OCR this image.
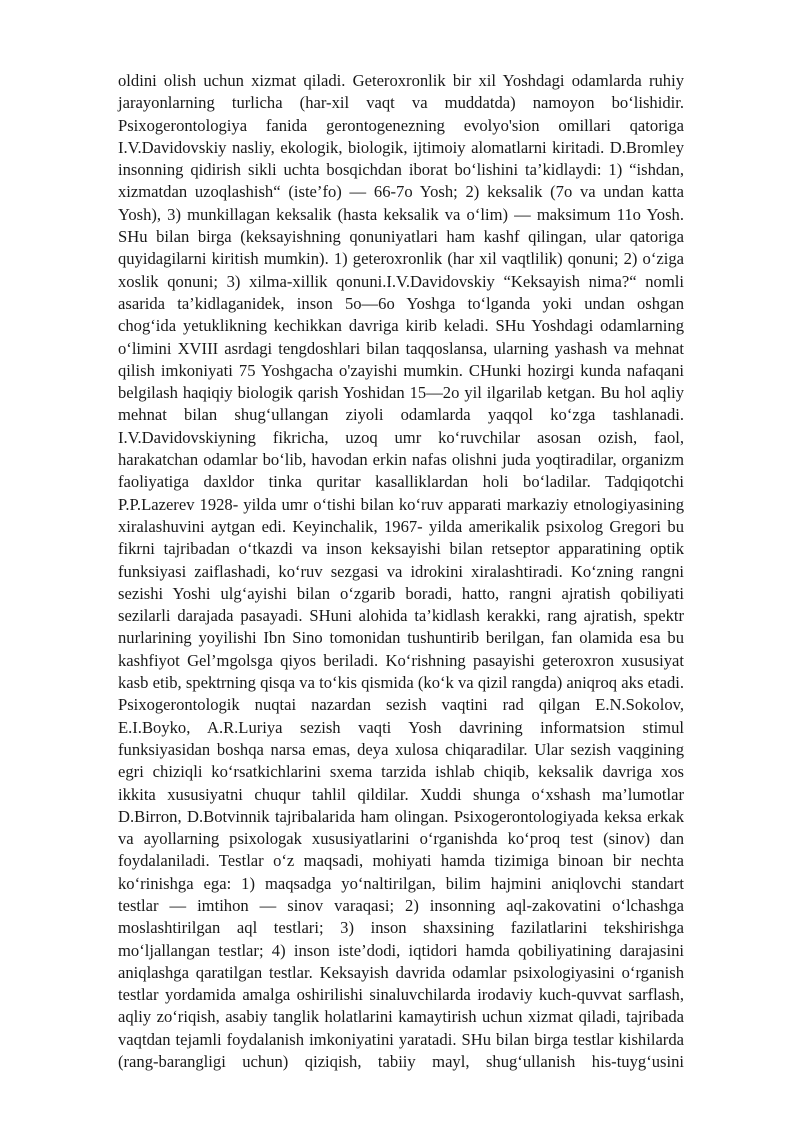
oldini olish uchun xizmat qiladi. Geteroxronlik bir xil Yoshdagi odamlarda ruhiy
jarayonlarning turlicha (har-xil vaqt va muddatda) namoyon bo‘lishidir.
Psixogerontologiya fanida gerontogenezning evolyo'sion omillari qatoriga
I.V.Davidovskiy nasliy, ekologik, biologik, ijtimoiy alomatlarni kiritadi. D.Bromley
insonning qidirish sikli uchta bosqichdan iborat bo‘lishini ta’kidlaydi: 1) “ishdan,
xizmatdan uzoqlashish“ (iste’fo) — 66-7o Yosh; 2) keksalik (7o va undan katta
Yosh), 3) munkillagan keksalik (hasta keksalik va o‘lim) — maksimum 11o Yosh.
SHu bilan birga (keksayishning qonuniyatlari ham kashf qilingan, ular qatoriga
quyidagilarni kiritish mumkin). 1) geteroxronlik (har xil vaqtlilik) qonuni; 2) o‘ziga
xoslik qonuni; 3) xilma-xillik qonuni.I.V.Davidovskiy “Keksayish nima?“ nomli
asarida ta’kidlaganidek, inson 5o—6o Yoshga to‘lganda yoki undan oshgan
chog‘ida yetuklikning kechikkan davriga kirib keladi. SHu Yoshdagi odamlarning
o‘limini XVIII asrdagi tengdoshlari bilan taqqoslansa, ularning yashash va mehnat
qilish imkoniyati 75 Yoshgacha o'zayishi mumkin. CHunki hozirgi kunda nafaqani
belgilash haqiqiy biologik qarish Yoshidan 15—2o yil ilgarilab ketgan. Bu hol aqliy
mehnat bilan shug‘ullangan ziyoli odamlarda yaqqol ko‘zga tashlanadi.
I.V.Davidovskiyning fikricha, uzoq umr ko‘ruvchilar asosan ozish, faol,
harakatchan odamlar bo‘lib, havodan erkin nafas olishni juda yoqtiradilar, organizm
faoliyatiga daxldor tinka quritar kasalliklardan holi bo‘ladilar. Tadqiqotchi
P.P.Lazerev 1928- yilda umr o‘tishi bilan ko‘ruv apparati markaziy etnologiyasining
xiralashuvini aytgan edi. Keyinchalik, 1967- yilda amerikalik psixolog Gregori bu
fikrni tajribadan o‘tkazdi va inson keksayishi bilan retseptor apparatining optik
funksiyasi zaiflashadi, ko‘ruv sezgasi va idrokini xiralashtiradi. Ko‘zning rangni
sezishi Yoshi ulg‘ayishi bilan o‘zgarib boradi, hatto, rangni ajratish qobiliyati
sezilarli darajada pasayadi. SHuni alohida ta’kidlash kerakki, rang ajratish, spektr
nurlarining yoyilishi Ibn Sino tomonidan tushuntirib berilgan, fan olamida esa bu
kashfiyot Gel’mgolsga qiyos beriladi. Ko‘rishning pasayishi geteroxron xususiyat
kasb etib, spektrning qisqa va to‘kis qismida (ko‘k va qizil rangda) aniqroq aks etadi.
Psixogerontologik nuqtai nazardan sezish vaqtini rad qilgan E.N.Sokolov,
E.I.Boyko, A.R.Luriya sezish vaqti Yosh davrining informatsion stimul
funksiyasidan boshqa narsa emas, deya xulosa chiqaradilar. Ular sezish vaqgining
egri chiziqli ko‘rsatkichlarini sxema tarzida ishlab chiqib, keksalik davriga xos
ikkita xususiyatni chuqur tahlil qildilar. Xuddi shunga o‘xshash ma’lumotlar
D.Birron, D.Botvinnik tajribalarida ham olingan. Psixogerontologiyada keksa erkak
va ayollarning psixologak xususiyatlarini o‘rganishda ko‘proq test (sinov) dan
foydalaniladi. Testlar o‘z maqsadi, mohiyati hamda tizimiga binoan bir nechta
ko‘rinishga ega: 1) maqsadga yo‘naltirilgan, bilim hajmini aniqlovchi standart
testlar — imtihon — sinov varaqasi; 2) insonning aql-zakovatini o‘lchashga
moslashtirilgan aql testlari; 3) inson shaxsining fazilatlarini tekshirishga
mo‘ljallangan testlar; 4) inson iste’dodi, iqtidori hamda qobiliyatining darajasini
aniqlashga qaratilgan testlar. Keksayish davrida odamlar psixologiyasini o‘rganish
testlar yordamida amalga oshirilishi sinaluvchilarda irodaviy kuch-quvvat sarflash,
aqliy zo‘riqish, asabiy tanglik holatlarini kamaytirish uchun xizmat qiladi, tajribada
vaqtdan tejamli foydalanish imkoniyatini yaratadi. SHu bilan birga testlar kishilarda
(rang-barangligi uchun) qiziqish, tabiiy mayl, shug‘ullanish his-tuyg‘usini
